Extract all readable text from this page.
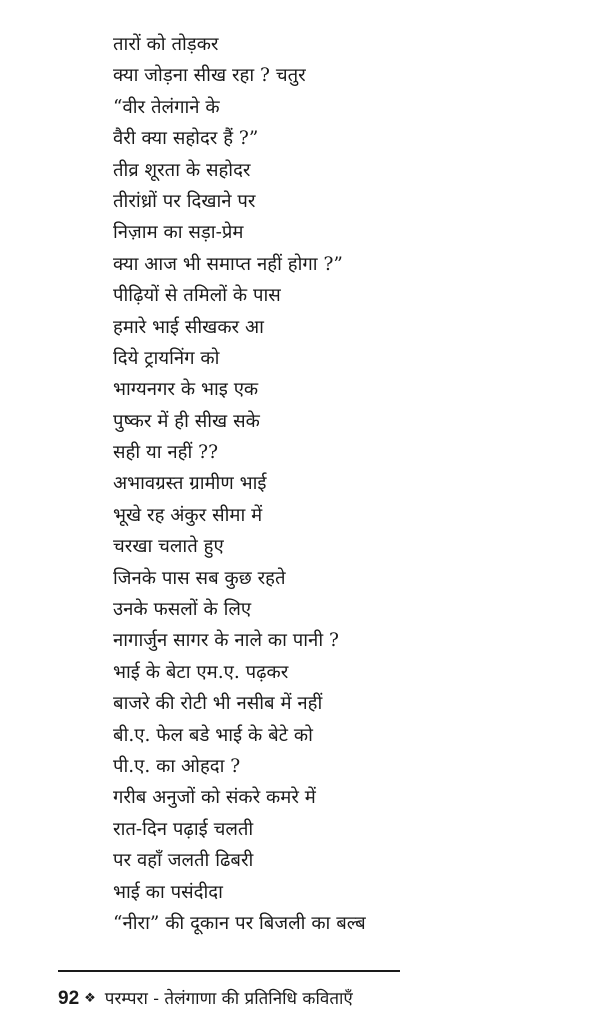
तारों को तोड़कर
क्या जोड़ना सीख रहा ? चतुर
“वीर तेलंगाने के
वैरी क्या सहोदर हैं ?”
तीव्र शूरता के सहोदर
तीरांध्रों पर दिखाने पर
निज़ाम का सड़ा-प्रेम
क्या आज भी समाप्त नहीं होगा ?”
पीढ़ियों से तमिलों के पास
हमारे भाई सीखकर आ
दिये ट्रायनिंग को
भाग्यनगर के भाइ एक
पुष्कर में ही सीख सके
सही या नहीं ??
अभावग्रस्त ग्रामीण भाई
भूखे रह अंकुर सीमा में
चरखा चलाते हुए
जिनके पास सब कुछ रहते
उनके फसलों के लिए
नागार्जुन सागर के नाले का पानी ?
भाई के बेटा एम.ए. पढ़कर
बाजरे की रोटी भी नसीब में नहीं
बी.ए. फेल बडे भाई के बेटे को
पी.ए. का ओहदा ?
गरीब अनुजों को संकरे कमरे में
रात-दिन पढ़ाई चलती
पर वहाँ जलती ढिबरी
भाई का पसंदीदा
“नीरा” की दूकान पर बिजली का बल्ब
92 ❖ परम्परा - तेलंगाणा की प्रतिनिधि कविताएँ
